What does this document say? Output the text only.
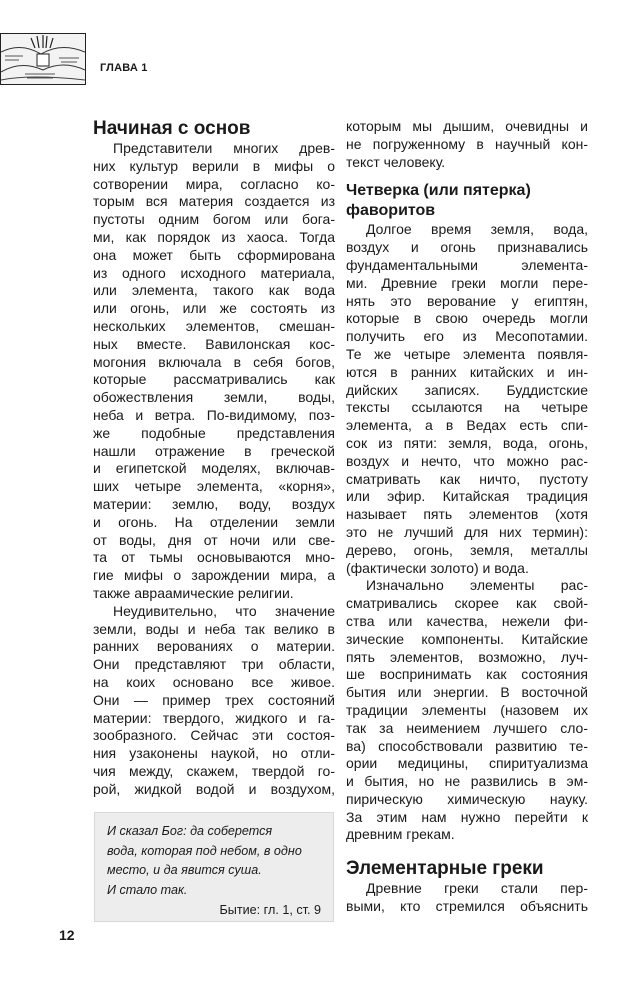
ГЛАВА 1
Начиная с основ
Представители многих древ-
них культур верили в мифы о
сотворении мира, согласно ко-
торым вся материя создается из
пустоты одним богом или бога-
ми, как порядок из хаоса. Тогда
она может быть сформирована
из одного исходного материала,
или элемента, такого как вода
или огонь, или же состоять из
нескольких элементов, смешан-
ных вместе. Вавилонская кос-
могония включала в себя богов,
которые рассматривались как
обожествления земли, воды,
неба и ветра. По-видимому, поз-
же подобные представления
нашли отражение в греческой
и египетской моделях, включав-
ших четыре элемента, «корня»,
материи: землю, воду, воздух
и огонь. На отделении земли
от воды, дня от ночи или све-
та от тьмы основываются мно-
гие мифы о зарождении мира, а
также авраамические религии.
Неудивительно, что значение
земли, воды и неба так велико в
ранних верованиях о материи.
Они представляют три области,
на коих основано все живое.
Они — пример трех состояний
материи: твердого, жидкого и га-
зообразного. Сейчас эти состоя-
ния узаконены наукой, но отли-
чия между, скажем, твердой го-
рой, жидкой водой и воздухом,
И сказал Бог: да соберется
вода, которая под небом, в одно
место, и да явится суша.
И стало так.
Бытие: гл. 1, ст. 9
которым мы дышим, очевидны и
не погруженному в научный кон-
текст человеку.
Четверка (или пятерка)
фаворитов
Долгое время земля, вода,
воздух и огонь признавались
фундаментальными элемента-
ми. Древние греки могли пере-
нять это верование у египтян,
которые в свою очередь могли
получить его из Месопотамии.
Те же четыре элемента появля-
ются в ранних китайских и ин-
дийских записях. Буддистские
тексты ссылаются на четыре
элемента, а в Ведах есть спи-
сок из пяти: земля, вода, огонь,
воздух и нечто, что можно рас-
сматривать как ничто, пустоту
или эфир. Китайская традиция
называет пять элементов (хотя
это не лучший для них термин):
дерево, огонь, земля, металлы
(фактически золото) и вода.
Изначально элементы рас-
сматривались скорее как свой-
ства или качества, нежели фи-
зические компоненты. Китайские
пять элементов, возможно, луч-
ше воспринимать как состояния
бытия или энергии. В восточной
традиции элементы (назовем их
так за неимением лучшего сло-
ва) способствовали развитию те-
ории медицины, спиритуализма
и бытия, но не развились в эм-
пирическую химическую науку.
За этим нам нужно перейти к
древним грекам.
Элементарные греки
Древние греки стали пер-
выми, кто стремился объяснить
12
